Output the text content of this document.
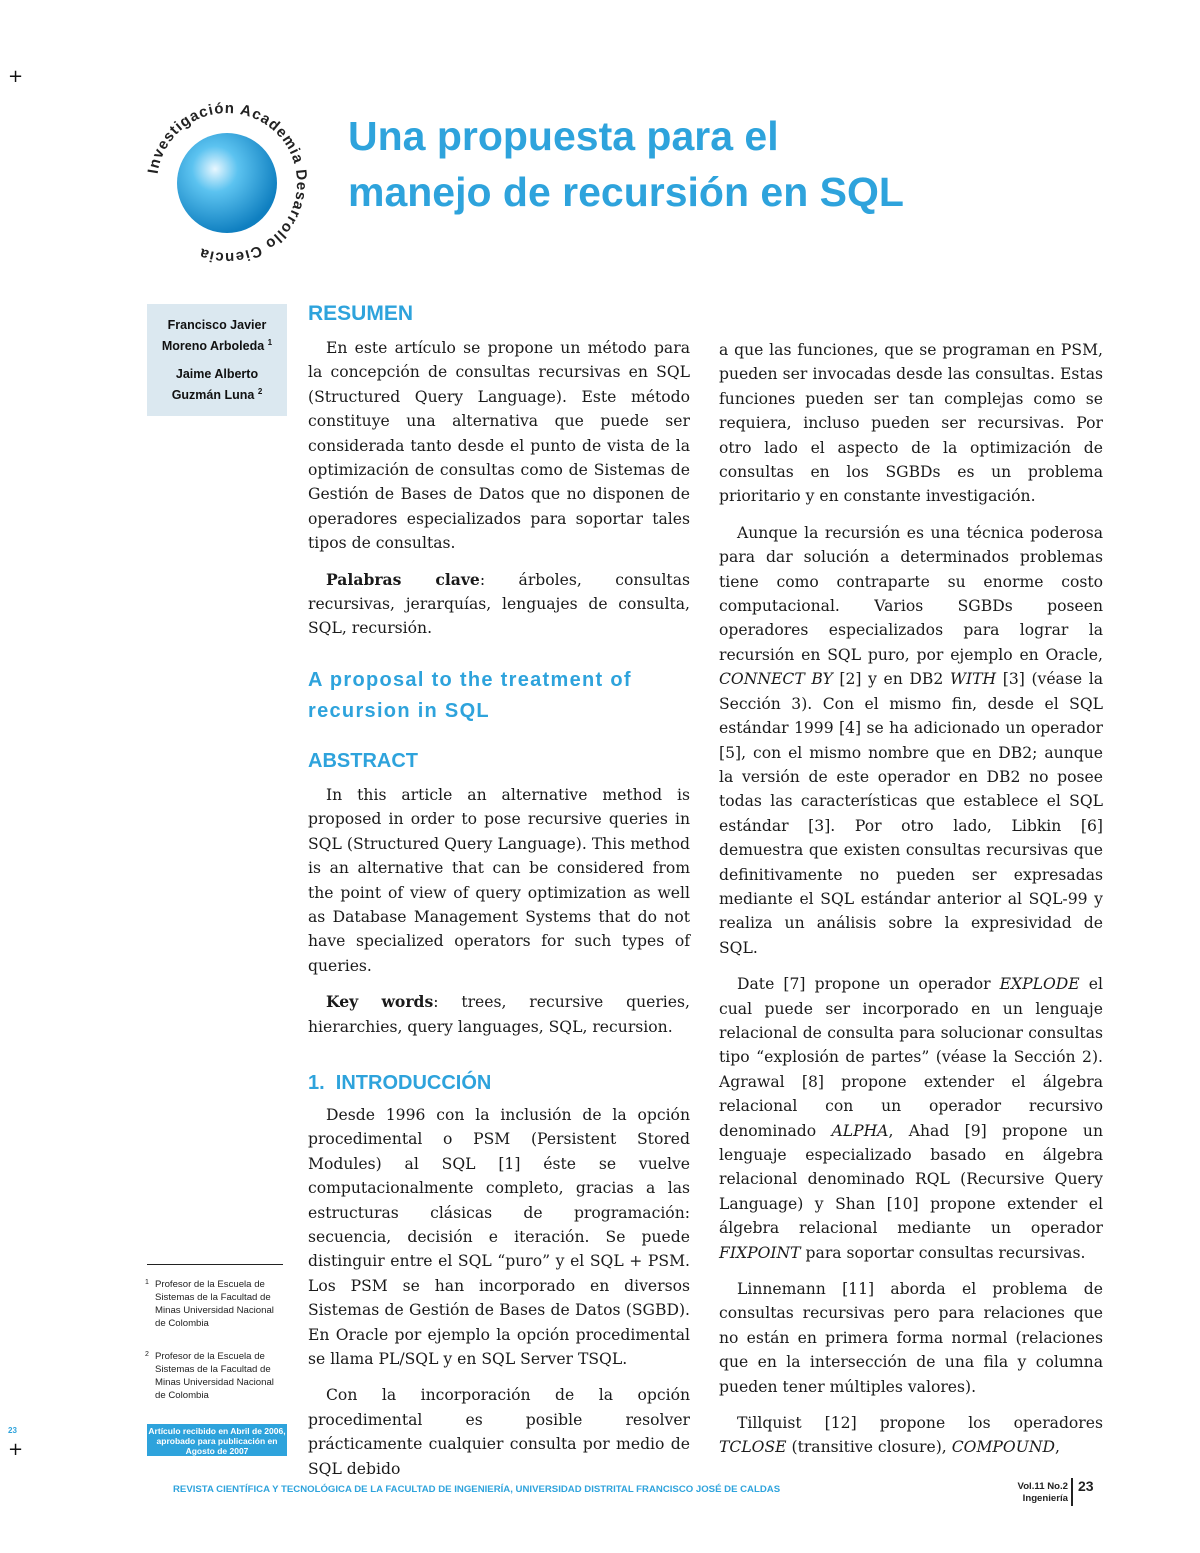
+
+
23
Investigación Academia Desarrollo Ciencia
Una propuesta para el
manejo de recursión en SQL
Francisco Javier
Moreno Arboleda $^1$
Jaime Alberto
Guzmán Luna $^2$
1 Profesor de la Escuela de Sistemas de la Facultad de Minas Universidad Nacional de Colombia
2 Profesor de la Escuela de Sistemas de la Facultad de Minas Universidad Nacional de Colombia
Artículo recibido en Abril de 2006, aprobado para publicación en Agosto de 2007
RESUMEN

En este artículo se propone un método para la concepción de consultas recursivas en SQL (Structured Query Language). Este método constituye una alternativa que puede ser considerada tanto desde el punto de vista de la optimización de consultas como de Sistemas de Gestión de Bases de Datos que no disponen de operadores especializados para soportar tales tipos de consultas.

Palabras clave: árboles, consultas recursivas, jerarquías, lenguajes de consulta, SQL, recursión.

A proposal to the treatment of recursion in SQL
ABSTRACT

In this article an alternative method is proposed in order to pose recursive queries in SQL (Structured Query Language). This method is an alternative that can be considered from the point of view of query optimization as well as Database Management Systems that do not have specialized operators for such types of queries.

Key words: trees, recursive queries, hierarchies, query languages, SQL, recursion.

1.  INTRODUCCIÓN

Desde 1996 con la inclusión de la opción procedimental o PSM (Persistent Stored Modules) al SQL [1] éste se vuelve computacionalmente completo, gracias a las estructuras clásicas de programación: secuencia, decisión e iteración. Se puede distinguir entre el SQL “puro” y el SQL + PSM. Los PSM se han incorporado en diversos Sistemas de Gestión de Bases de Datos (SGBD). En Oracle por ejemplo la opción procedimental se llama PL/SQL y en SQL Server TSQL.

Con la incorporación de la opción procedimental es posible resolver prácticamente cualquier consulta por medio de SQL debido

a que las funciones, que se programan en PSM, pueden ser invocadas desde las consultas. Estas funciones pueden ser tan complejas como se requiera, incluso pueden ser recursivas. Por otro lado el aspecto de la optimización de consultas en los SGBDs es un problema prioritario y en constante investigación.

Aunque la recursión es una técnica poderosa para dar solución a determinados problemas tiene como contraparte su enorme costo computacional. Varios SGBDs poseen operadores especializados para lograr la recursión en SQL puro, por ejemplo en Oracle, CONNECT BY [2] y en DB2 WITH [3] (véase la Sección 3). Con el mismo fin, desde el SQL estándar 1999 [4] se ha adicionado un operador [5], con el mismo nombre que en DB2; aunque la versión de este operador en DB2 no posee todas las características que establece el SQL estándar [3]. Por otro lado, Libkin [6] demuestra que existen consultas recursivas que definitivamente no pueden ser expresadas mediante el SQL estándar anterior al SQL-99 y realiza un análisis sobre la expresividad de SQL.

Date [7] propone un operador EXPLODE el cual puede ser incorporado en un lenguaje relacional de consulta para solucionar consultas tipo “explosión de partes” (véase la Sección 2). Agrawal [8] propone extender el álgebra relacional con un operador recursivo denominado ALPHA, Ahad [9] propone un lenguaje especializado basado en álgebra relacional denominado RQL (Recursive Query Language) y Shan [10] propone extender el álgebra relacional mediante un operador FIXPOINT para soportar consultas recursivas.

Linnemann [11] aborda el problema de consultas recursivas pero para relaciones que no están en primera forma normal (relaciones que en la intersección de una fila y columna pueden tener múltiples valores).

Tillquist [12] propone los operadores TCLOSE (transitive closure), COMPOUND,

REVISTA CIENTÍFICA Y TECNOLÓGICA DE LA FACULTAD DE INGENIERÍA, UNIVERSIDAD DISTRITAL FRANCISCO JOSÉ DE CALDAS	Vol.11 No.2
Ingeniería
23
